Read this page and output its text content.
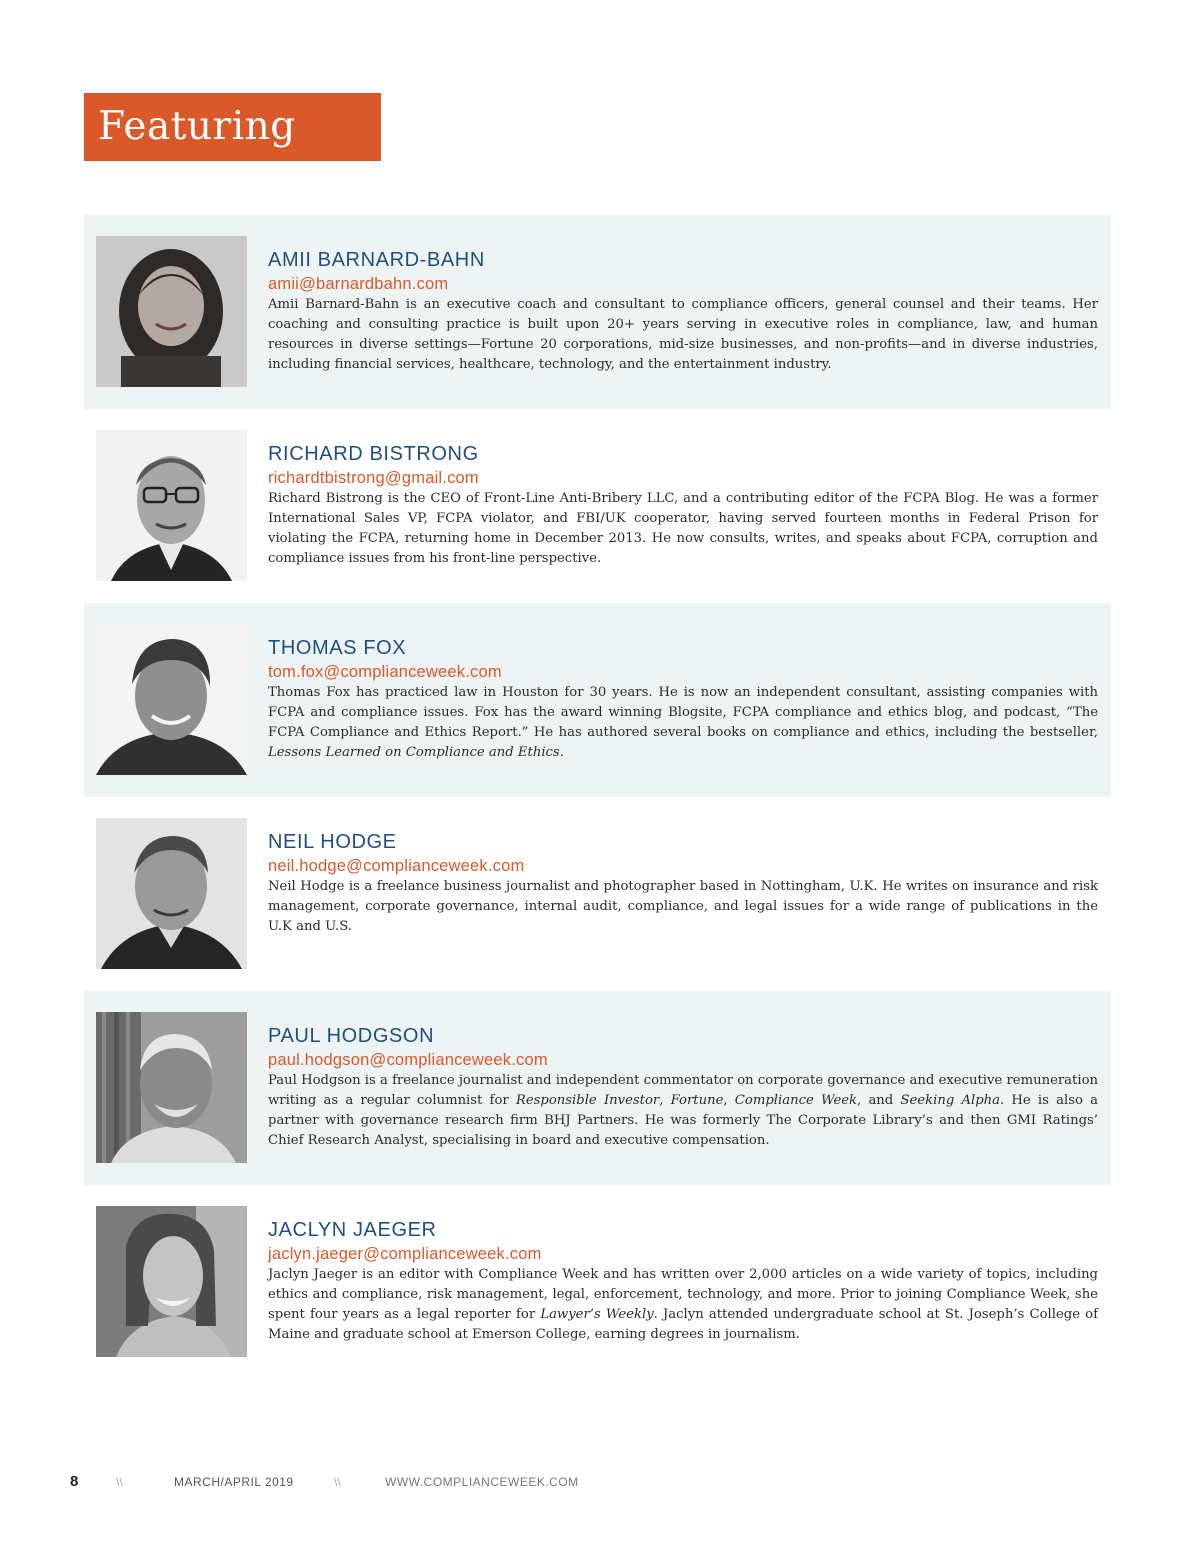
Featuring

AMII BARNARD-BAHN

amii@barnardbahn.com

Amii Barnard-Bahn is an executive coach and consultant to compliance officers, general counsel and their teams. Her coaching and consulting practice is built upon 20+ years serving in executive roles in compliance, law, and human resources in diverse settings—Fortune 20 corporations, mid-size businesses, and non-profits—and in diverse industries, including financial services, healthcare, technology, and the entertainment industry.

RICHARD BISTRONG

richardtbistrong@gmail.com

Richard Bistrong is the CEO of Front-Line Anti-Bribery LLC, and a contributing editor of the FCPA Blog. He was a former International Sales VP, FCPA violator, and FBI/UK cooperator, having served fourteen months in Federal Prison for violating the FCPA, returning home in December 2013. He now consults, writes, and speaks about FCPA, corruption and compliance issues from his front-line perspective.

THOMAS FOX

tom.fox@complianceweek.com

Thomas Fox has practiced law in Houston for 30 years. He is now an independent consultant, assisting companies with FCPA and compliance issues. Fox has the award winning Blogsite, FCPA compliance and ethics blog, and podcast, “The FCPA Compliance and Ethics Report.” He has authored several books on compliance and ethics, including the bestseller, Lessons Learned on Compliance and Ethics.

NEIL HODGE

neil.hodge@complianceweek.com

Neil Hodge is a freelance business journalist and photographer based in Nottingham, U.K. He writes on insurance and risk management, corporate governance, internal audit, compliance, and legal issues for a wide range of publications in the U.K and U.S.

PAUL HODGSON

paul.hodgson@complianceweek.com

Paul Hodgson is a freelance journalist and independent commentator on corporate governance and executive remuneration writing as a regular columnist for Responsible Investor, Fortune, Compliance Week, and Seeking Alpha. He is also a partner with governance research firm BHJ Partners. He was formerly The Corporate Library’s and then GMI Ratings’ Chief Research Analyst, specialising in board and executive compensation.

JACLYN JAEGER

jaclyn.jaeger@complianceweek.com

Jaclyn Jaeger is an editor with Compliance Week and has written over 2,000 articles on a wide variety of topics, including ethics and compliance, risk management, legal, enforcement, technology, and more. Prior to joining Compliance Week, she spent four years as a legal reporter for Lawyer’s Weekly. Jaclyn attended undergraduate school at St. Joseph’s College of Maine and graduate school at Emerson College, earning degrees in journalism.

8	\\	MARCH/APRIL 2019	\\	WWW.COMPLIANCEWEEK.COM
